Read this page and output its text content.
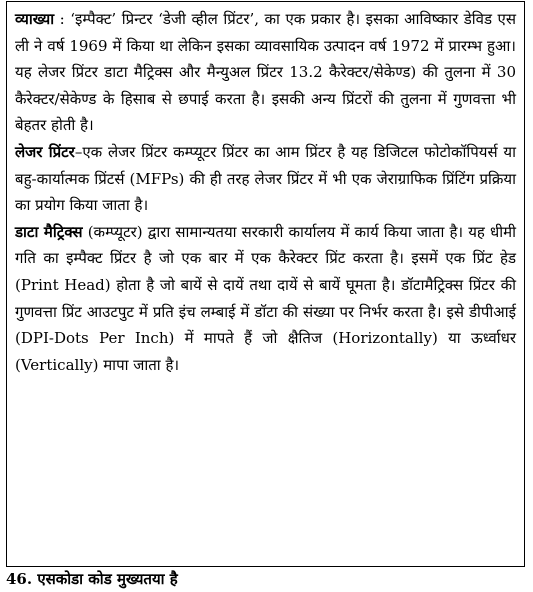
व्याख्या : ‘इम्पैक्ट’ प्रिन्टर ‘डेजी व्हील प्रिंटर’, का एक प्रकार है। इसका आविष्कार डेविड एस ली ने वर्ष 1969 में किया था लेकिन इसका व्यावसायिक उत्पादन वर्ष 1972 में प्रारम्भ हुआ। यह लेजर प्रिंटर डाटा मैट्रिक्स और मैन्युअल प्रिंटर 13.2 कैरेक्टर/सेकेण्ड) की तुलना में 30 कैरेक्टर/सेकेण्ड के हिसाब से छपाई करता है। इसकी अन्य प्रिंटरों की तुलना में गुणवत्ता भी बेहतर होती है।

लेजर प्रिंटर–एक लेजर प्रिंटर कम्प्यूटर प्रिंटर का आम प्रिंटर है यह डिजिटल फोटोकॉपियर्स या बहु-कार्यात्मक प्रिंटर्स (MFPs) की ही तरह लेजर प्रिंटर में भी एक जेराग्राफिक प्रिंटिंग प्रक्रिया का प्रयोग किया जाता है।

डाटा मैट्रिक्स (कम्प्यूटर) द्वारा सामान्यतया सरकारी कार्यालय में कार्य किया जाता है। यह धीमी गति का इम्पैक्ट प्रिंटर है जो एक बार में एक कैरेक्टर प्रिंट करता है। इसमें एक प्रिंट हेड (Print Head) होता है जो बायें से दायें तथा दायें से बायें घूमता है। डॉटामैट्रिक्स प्रिंटर की गुणवत्ता प्रिंट आउटपुट में प्रति इंच लम्बाई में डॉटा की संख्या पर निर्भर करता है। इसे डीपीआई (DPI-Dots Per Inch) में मापते हैं जो क्षैतिज (Horizontally) या ऊर्ध्वाधर (Vertically) मापा जाता है।

46. एसकोडा कोड मुख्यतया है
